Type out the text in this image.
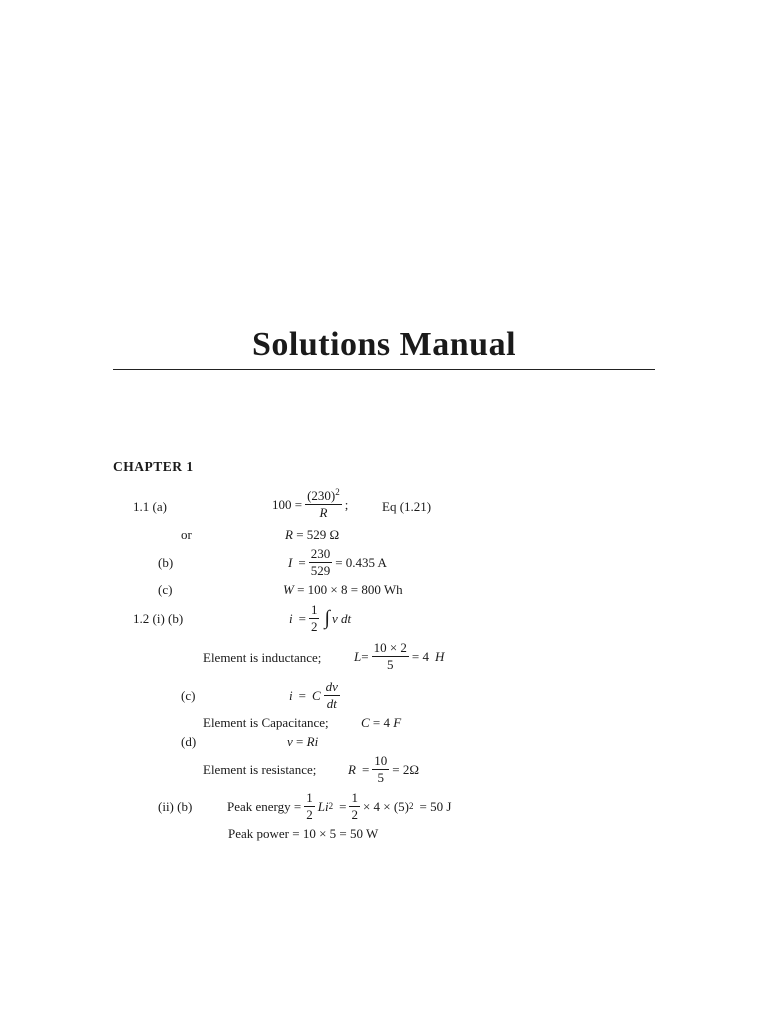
Solutions Manual
CHAPTER 1
1.1 (a)	$100 = \frac{(230)^2}{R}$ ;	Eq (1.21)
or	R = 529 Ω
(b)	$I = \frac{230}{529} = 0.435$ A
(c)	W = 100 × 8 = 800 Wh
1.2 (i) (b)	$i = \frac{1}{2}$ ∫ v dt
Element is inductance;	$L = \frac{10 \times 2}{5} = 4$ H
(c)	i = C $\frac{dv}{dt}$
Element is Capacitance; C = 4 F
(d)	v = Ri
Element is resistance; $R = \frac{10}{5} = 2\Omega$
(ii) (b)	Peak energy = $\frac{1}{2}$ Li $2 = \frac{1}{2} \times 4 \times (5) 2 = 50$ J
Peak power = 10 × 5 = 50 W
